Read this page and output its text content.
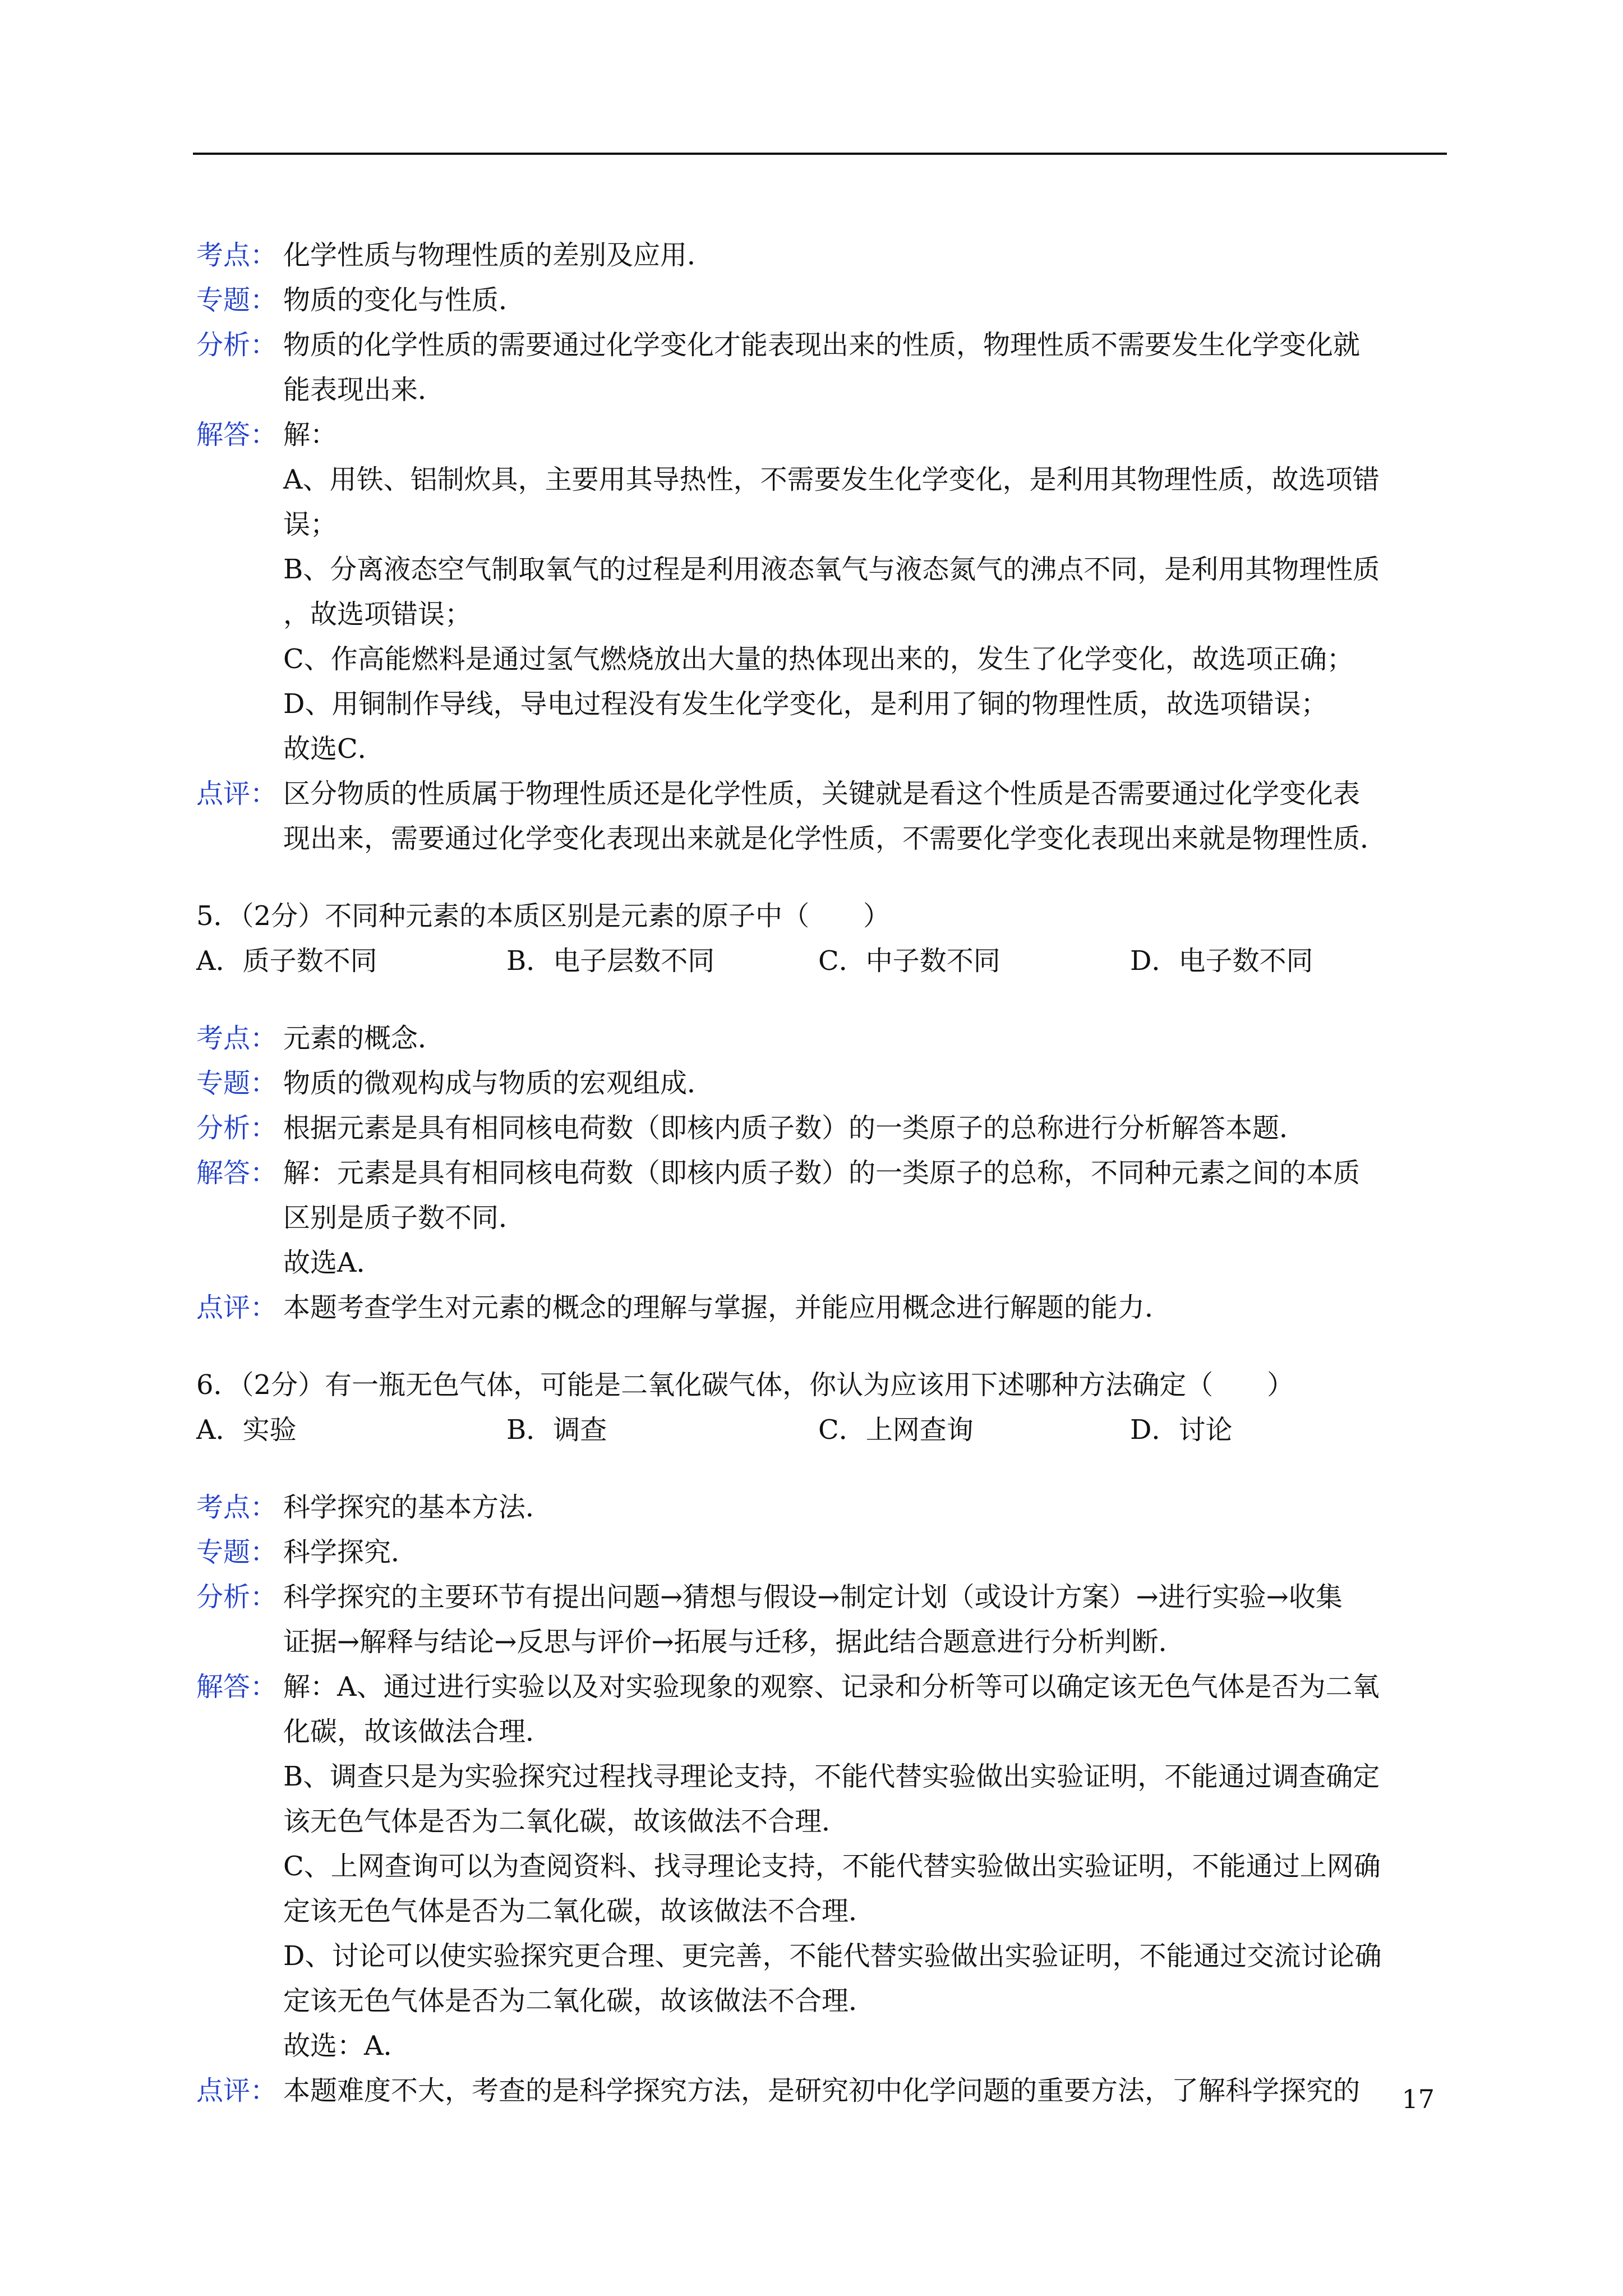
考点： 化学性质与物理性质的差别及应用．
专题： 物质的变化与性质．
分析： 物质的化学性质的需要通过化学变化才能表现出来的性质，物理性质不需要发生化学变化就
能表现出来．
解答： 解：
A、用铁、铝制炊具，主要用其导热性，不需要发生化学变化，是利用其物理性质，故选项错
误；
B、分离液态空气制取氧气的过程是利用液态氧气与液态氮气的沸点不同，是利用其物理性质
，故选项错误；
C、作高能燃料是通过氢气燃烧放出大量的热体现出来的，发生了化学变化，故选项正确；
D、用铜制作导线，导电过程没有发生化学变化，是利用了铜的物理性质，故选项错误；
故选C．
点评： 区分物质的性质属于物理性质还是化学性质，关键就是看这个性质是否需要通过化学变化表
现出来，需要通过化学变化表现出来就是化学性质，不需要化学变化表现出来就是物理性质．
5．（2分）不同种元素的本质区别是元素的原子中（　　）
A．质子数不同	B．电子层数不同	C．中子数不同	D．电子数不同
考点： 元素的概念．
专题： 物质的微观构成与物质的宏观组成．
分析： 根据元素是具有相同核电荷数（即核内质子数）的一类原子的总称进行分析解答本题．
解答： 解：元素是具有相同核电荷数（即核内质子数）的一类原子的总称，不同种元素之间的本质
区别是质子数不同．
故选A．
点评： 本题考查学生对元素的概念的理解与掌握，并能应用概念进行解题的能力．
6．（2分）有一瓶无色气体，可能是二氧化碳气体，你认为应该用下述哪种方法确定（　　）
A．实验	B．调查	C．上网查询	D．讨论
考点： 科学探究的基本方法．
专题： 科学探究．
分析： 科学探究的主要环节有提出问题→猜想与假设→制定计划（或设计方案）→进行实验→收集
证据→解释与结论→反思与评价→拓展与迁移，据此结合题意进行分析判断．
解答： 解：A、通过进行实验以及对实验现象的观察、记录和分析等可以确定该无色气体是否为二氧
化碳，故该做法合理．
B、调查只是为实验探究过程找寻理论支持，不能代替实验做出实验证明，不能通过调查确定
该无色气体是否为二氧化碳，故该做法不合理．
C、上网查询可以为查阅资料、找寻理论支持，不能代替实验做出实验证明，不能通过上网确
定该无色气体是否为二氧化碳，故该做法不合理．
D、讨论可以使实验探究更合理、更完善，不能代替实验做出实验证明，不能通过交流讨论确
定该无色气体是否为二氧化碳，故该做法不合理．
故选：A．
点评： 本题难度不大，考查的是科学探究方法，是研究初中化学问题的重要方法，了解科学探究的	17
